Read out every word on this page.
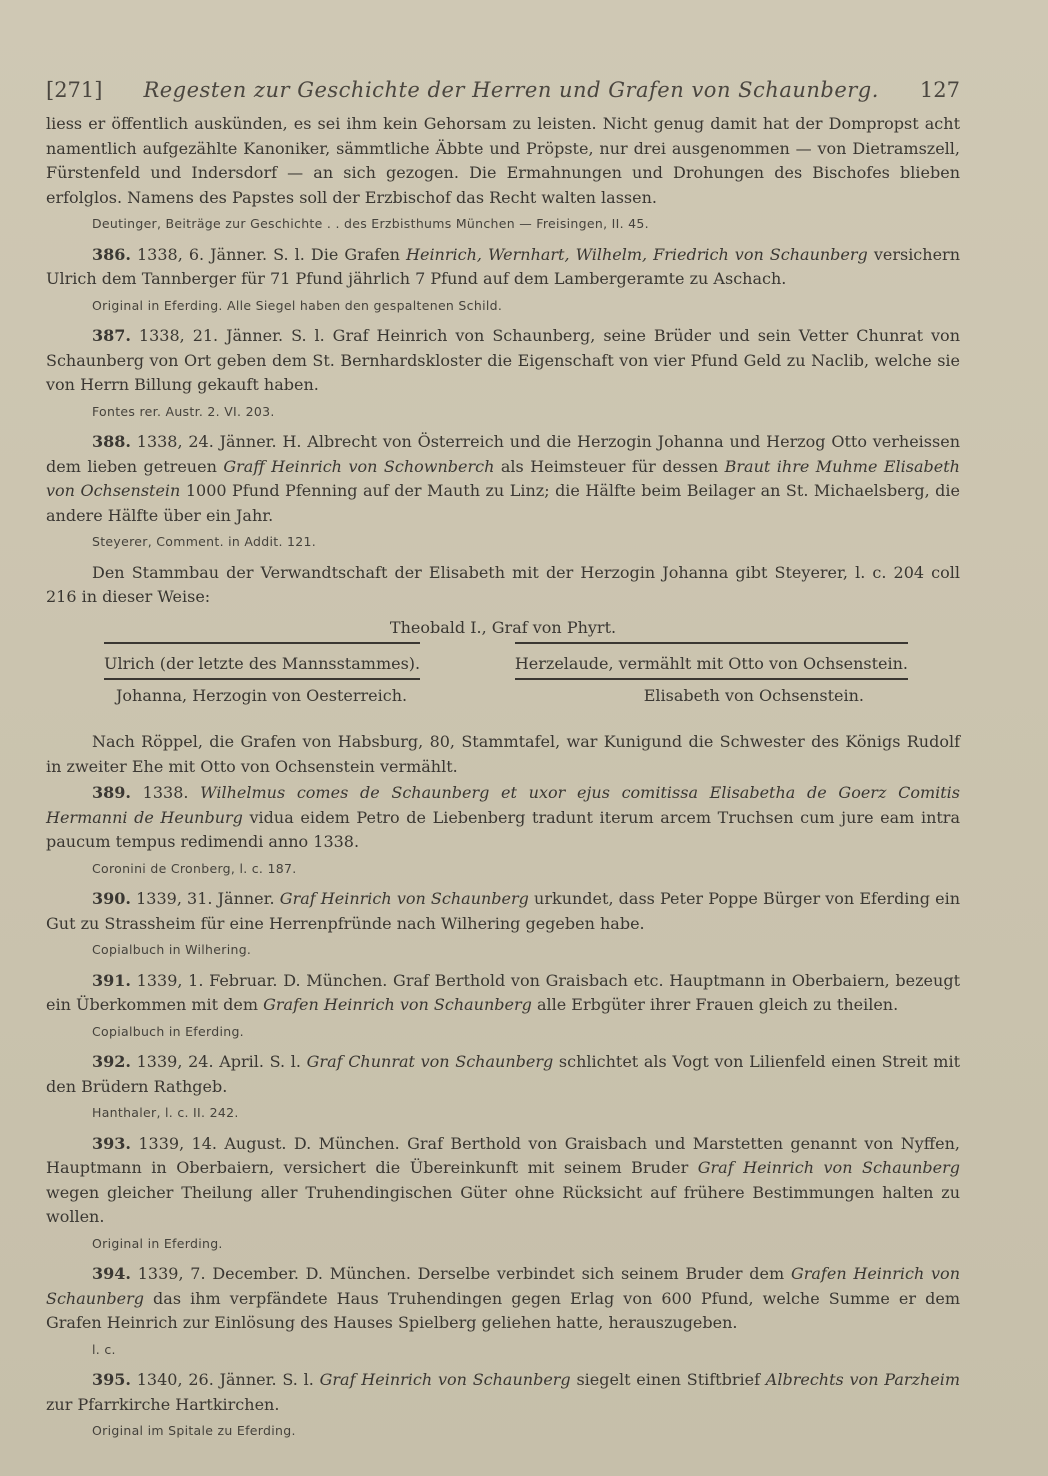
[271] Regesten zur Geschichte der Herren und Grafen von Schaunberg. 127

liess er öffentlich auskünden, es sei ihm kein Gehorsam zu leisten. Nicht genug damit hat der Dompropst acht namentlich aufgezählte Kanoniker, sämmtliche Äbbte und Pröpste, nur drei ausgenommen — von Dietramszell, Fürstenfeld und Indersdorf — an sich gezogen. Die Ermahnungen und Drohungen des Bischofes blieben erfolglos. Namens des Papstes soll der Erzbischof das Recht walten lassen.

Deutinger, Beiträge zur Geschichte . . des Erzbisthums München — Freisingen, II. 45.

386. 1338, 6. Jänner. S. l. Die Grafen Heinrich, Wernhart, Wilhelm, Friedrich von Schaunberg versichern Ulrich dem Tannberger für 71 Pfund jährlich 7 Pfund auf dem Lambergeramte zu Aschach.

Original in Eferding. Alle Siegel haben den gespaltenen Schild.

387. 1338, 21. Jänner. S. l. Graf Heinrich von Schaunberg, seine Brüder und sein Vetter Chunrat von Schaunberg von Ort geben dem St. Bernhardskloster die Eigenschaft von vier Pfund Geld zu Naclib, welche sie von Herrn Billung gekauft haben.

Fontes rer. Austr. 2. VI. 203.

388. 1338, 24. Jänner. H. Albrecht von Österreich und die Herzogin Johanna und Herzog Otto verheissen dem lieben getreuen Graff Heinrich von Schownberch als Heimsteuer für dessen Braut ihre Muhme Elisabeth von Ochsenstein 1000 Pfund Pfenning auf der Mauth zu Linz; die Hälfte beim Beilager an St. Michaelsberg, die andere Hälfte über ein Jahr.

Steyerer, Comment. in Addit. 121.

Den Stammbau der Verwandtschaft der Elisabeth mit der Herzogin Johanna gibt Steyerer, l. c. 204 coll 216 in dieser Weise:

Theobald I., Graf von Phyrt.
Ulrich (der letzte des Mannsstammes).	Herzelaude, vermählt mit Otto von Ochsenstein.
Johanna, Herzogin von Oesterreich.	Elisabeth von Ochsenstein.

Nach Röppel, die Grafen von Habsburg, 80, Stammtafel, war Kunigund die Schwester des Königs Rudolf in zweiter Ehe mit Otto von Ochsenstein vermählt.

389. 1338. Wilhelmus comes de Schaunberg et uxor ejus comitissa Elisabetha de Goerz Comitis Hermanni de Heunburg vidua eidem Petro de Liebenberg tradunt iterum arcem Truchsen cum jure eam intra paucum tempus redimendi anno 1338.

Coronini de Cronberg, l. c. 187.

390. 1339, 31. Jänner. Graf Heinrich von Schaunberg urkundet, dass Peter Poppe Bürger von Eferding ein Gut zu Strassheim für eine Herrenpfründe nach Wilhering gegeben habe.

Copialbuch in Wilhering.

391. 1339, 1. Februar. D. München. Graf Berthold von Graisbach etc. Hauptmann in Oberbaiern, bezeugt ein Überkommen mit dem Grafen Heinrich von Schaunberg alle Erbgüter ihrer Frauen gleich zu theilen.

Copialbuch in Eferding.

392. 1339, 24. April. S. l. Graf Chunrat von Schaunberg schlichtet als Vogt von Lilienfeld einen Streit mit den Brüdern Rathgeb.

Hanthaler, l. c. II. 242.

393. 1339, 14. August. D. München. Graf Berthold von Graisbach und Marstetten genannt von Nyffen, Hauptmann in Oberbaiern, versichert die Übereinkunft mit seinem Bruder Graf Heinrich von Schaunberg wegen gleicher Theilung aller Truhendingischen Güter ohne Rücksicht auf frühere Bestimmungen halten zu wollen.

Original in Eferding.

394. 1339, 7. December. D. München. Derselbe verbindet sich seinem Bruder dem Grafen Heinrich von Schaunberg das ihm verpfändete Haus Truhendingen gegen Erlag von 600 Pfund, welche Summe er dem Grafen Heinrich zur Einlösung des Hauses Spielberg geliehen hatte, herauszugeben.

l. c.

395. 1340, 26. Jänner. S. l. Graf Heinrich von Schaunberg siegelt einen Stiftbrief Albrechts von Parzheim zur Pfarrkirche Hartkirchen.

Original im Spitale zu Eferding.
